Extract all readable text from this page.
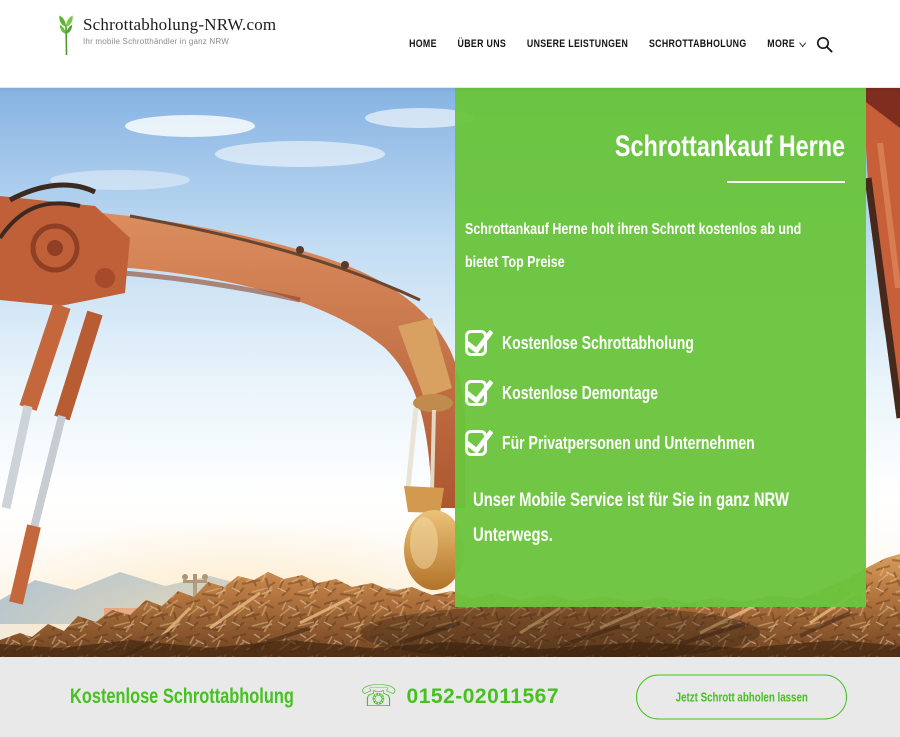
Schrottabholung-NRW.com
Ihr mobile Schrotthändler in ganz NRW	HOME ÜBER UNS UNSERE LEISTUNGEN SCHROTTABHOLUNG MORE
Schrottankauf Herne

Schrottankauf Herne holt ihren Schrott kostenlos ab und
bietet Top Preise

Kostenlose Schrottabholung
Kostenlose Demontage
Für Privatpersonen und Unternehmen

Unser Mobile Service ist für Sie in ganz NRW
Unterwegs.

Kostenlose Schrottabholung	☏ 0152-02011567	Jetzt Schrott abholen lassen
